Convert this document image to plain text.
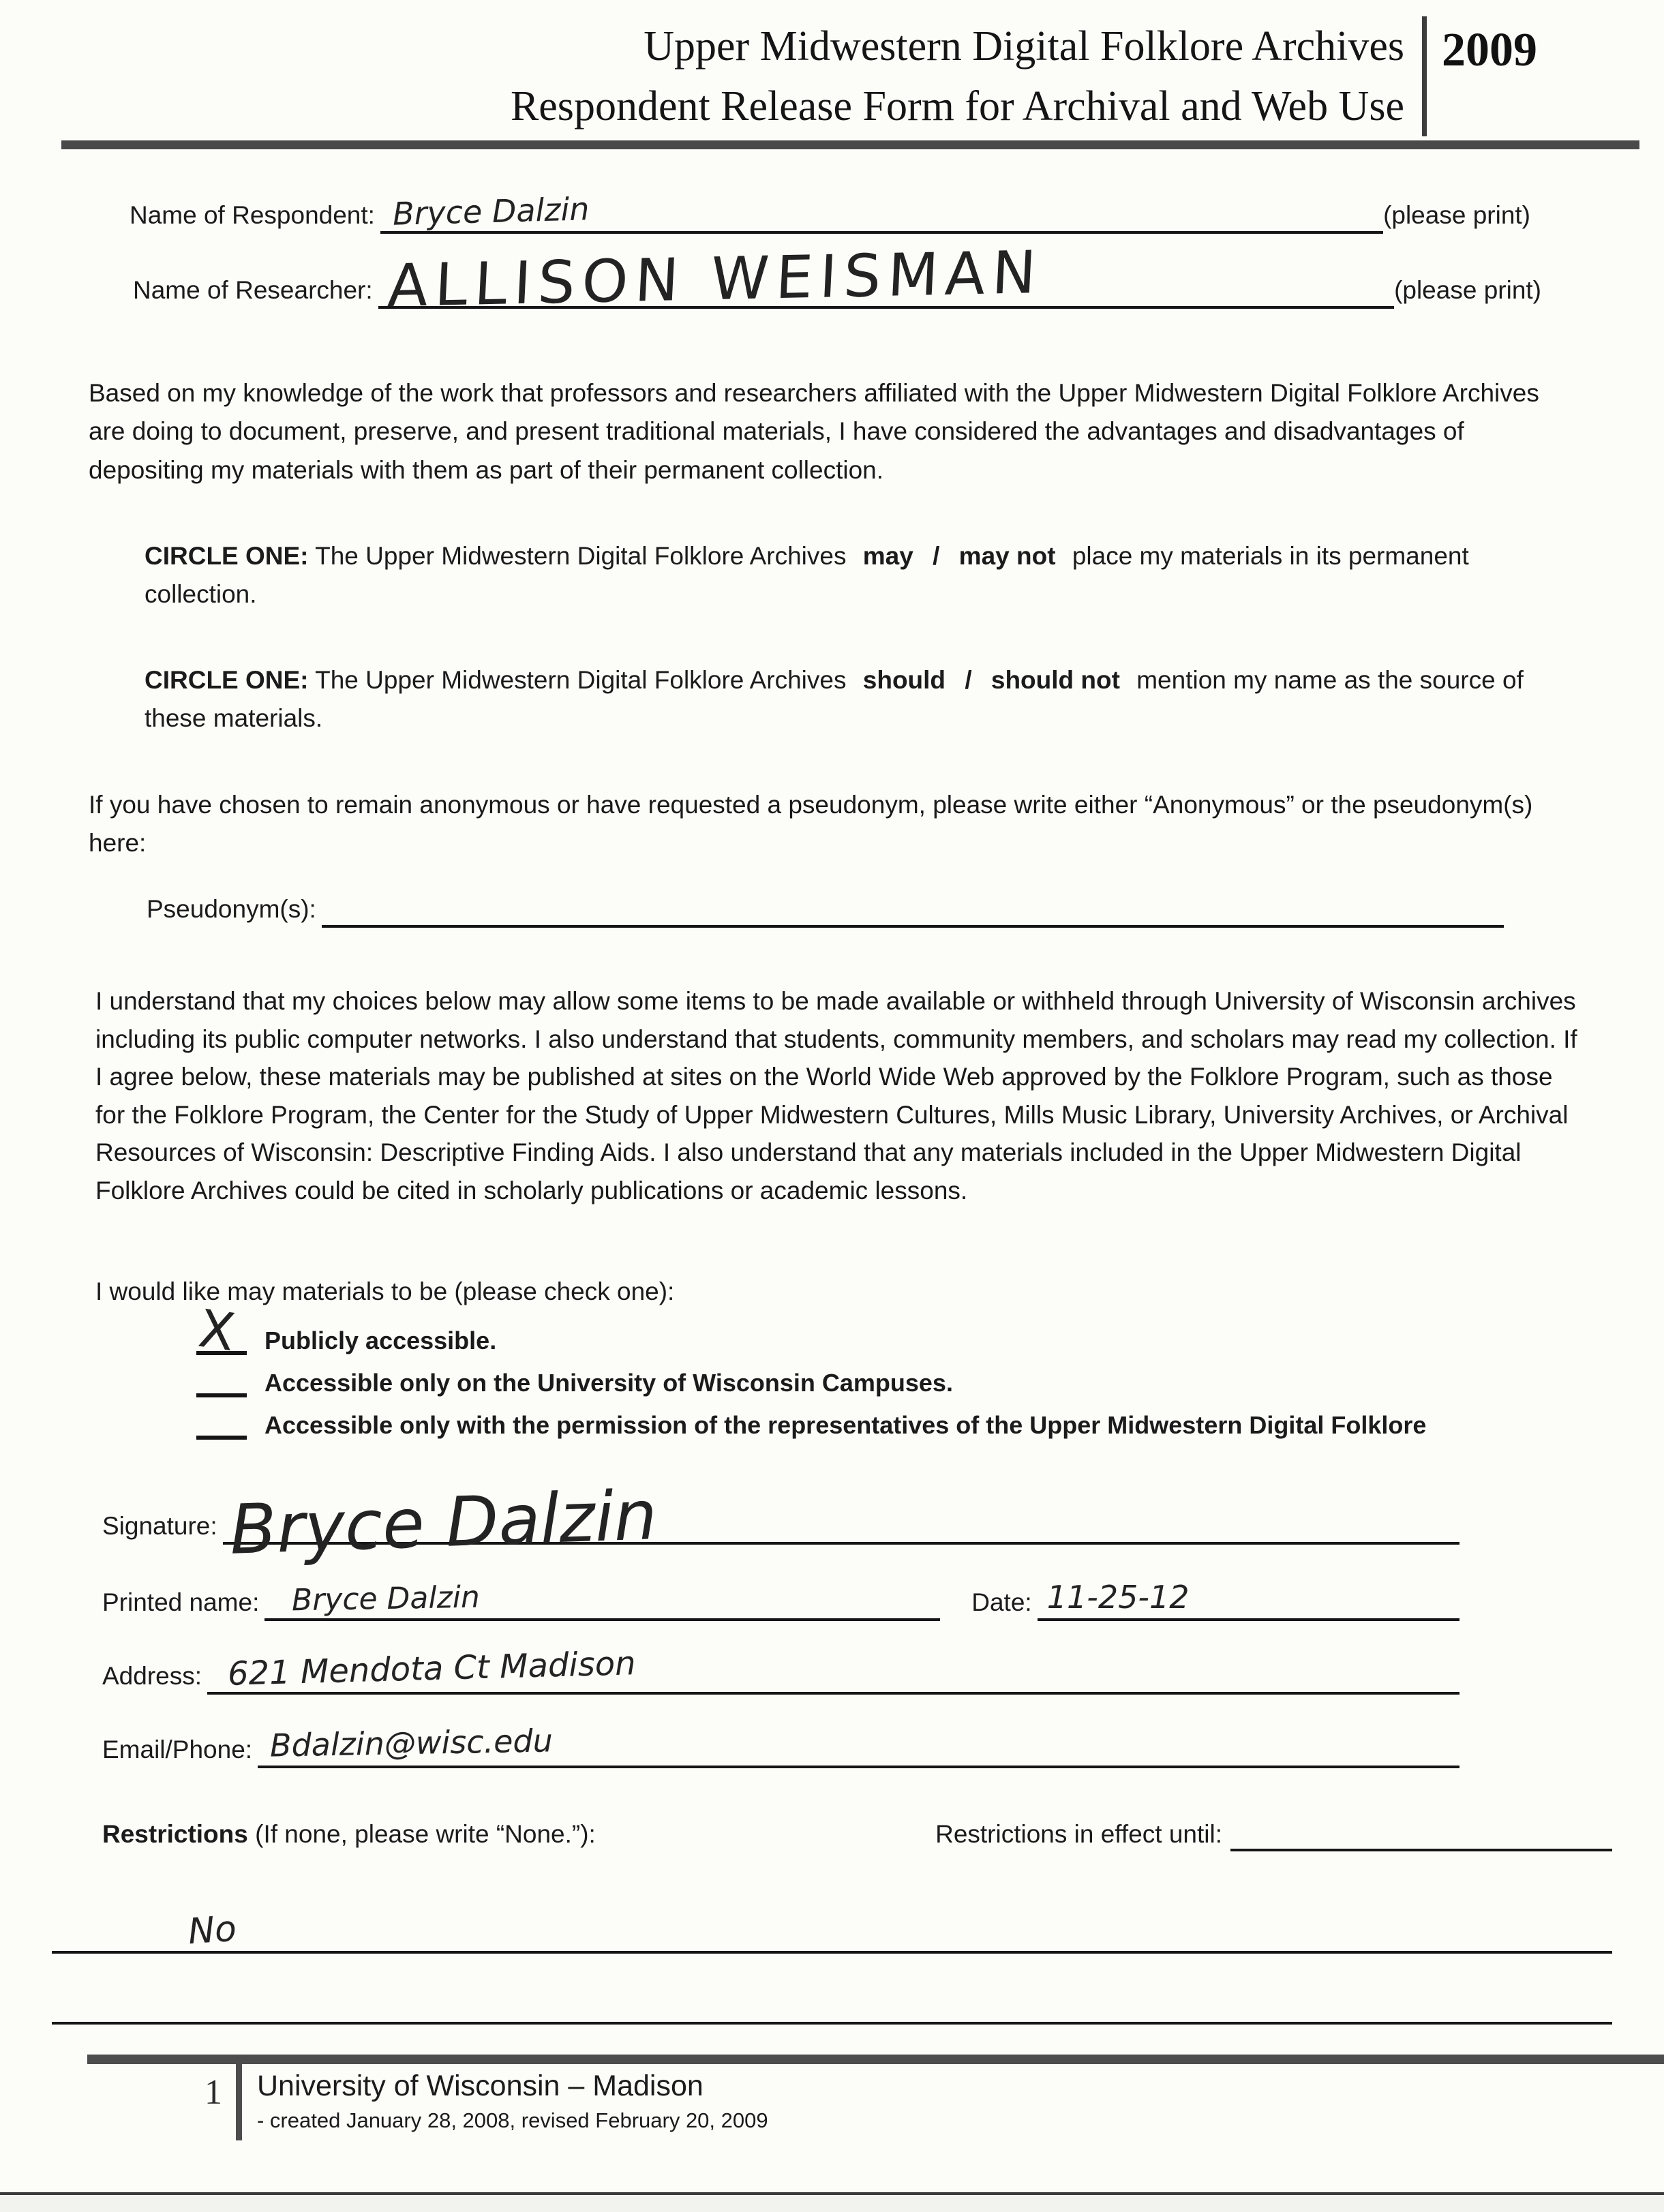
Upper Midwestern Digital Folklore Archives
Respondent Release Form for Archival and Web Use
2009
Name of Respondent: Bryce Dalzin	(please print)
Name of Researcher: ALLISON WEISMAN	(please print)
Based on my knowledge of the work that professors and researchers affiliated with the Upper Midwestern Digital Folklore Archives are doing to document, preserve, and present traditional materials, I have considered the advantages and disadvantages of depositing my materials with them as part of their permanent collection.
CIRCLE ONE: The Upper Midwestern Digital Folklore Archives may / may not place my materials in its permanent collection.
CIRCLE ONE: The Upper Midwestern Digital Folklore Archives should / should not mention my name as the source of these materials.
If you have chosen to remain anonymous or have requested a pseudonym, please write either “Anonymous” or the pseudonym(s) here:
Pseudonym(s):
I understand that my choices below may allow some items to be made available or withheld through University of Wisconsin archives including its public computer networks. I also understand that students, community members, and scholars may read my collection. If I agree below, these materials may be published at sites on the World Wide Web approved by the Folklore Program, such as those for the Folklore Program, the Center for the Study of Upper Midwestern Cultures, Mills Music Library, University Archives, or Archival Resources of Wisconsin: Descriptive Finding Aids. I also understand that any materials included in the Upper Midwestern Digital Folklore Archives could be cited in scholarly publications or academic lessons.
I would like may materials to be (please check one):
X Publicly accessible.
Accessible only on the University of Wisconsin Campuses.
Accessible only with the permission of the representatives of the Upper Midwestern Digital Folklore
Signature: Bryce Dalzin
Printed name: Bryce Dalzin	Date: 11-25-12
Address: 621 Mendota Ct Madison
Email/Phone: Bdalzin@wisc.edu
Restrictions (If none, please write “None.”):	Restrictions in effect until:
No
1	University of Wisconsin – Madison
- created January 28, 2008, revised February 20, 2009
